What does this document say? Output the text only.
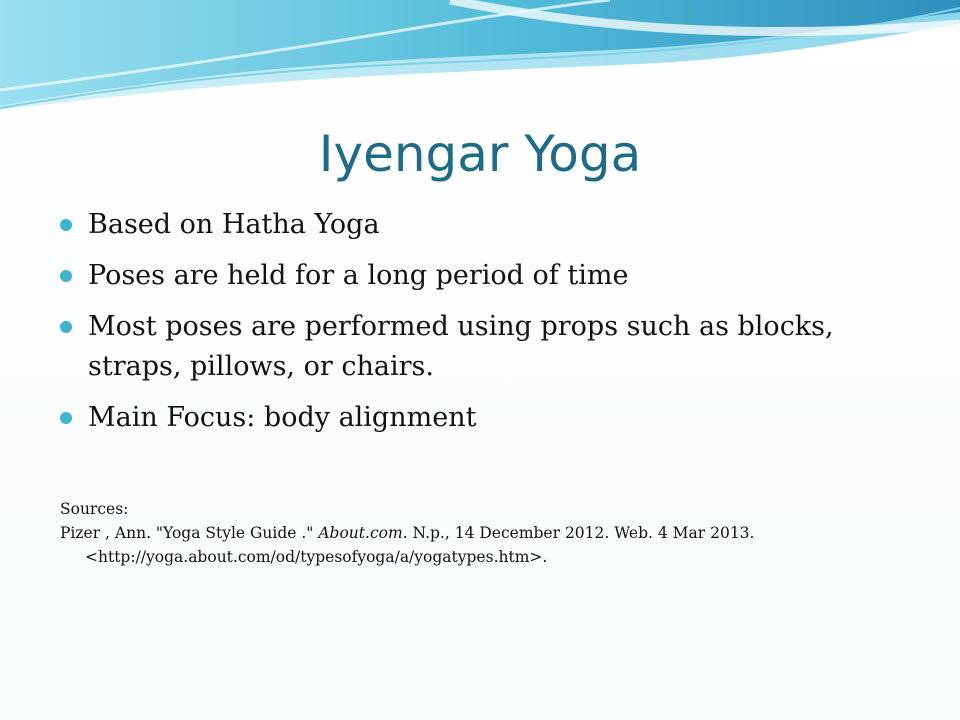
Iyengar Yoga
Based on Hatha Yoga
Poses are held for a long period of time
Most poses are performed using props such as blocks, straps, pillows, or chairs.
Main Focus: body alignment
Sources:
Pizer , Ann. "Yoga Style Guide ." About.com. N.p., 14 December 2012. Web. 4 Mar 2013. <http://yoga.about.com/od/typesofyoga/a/yogatypes.htm>.
